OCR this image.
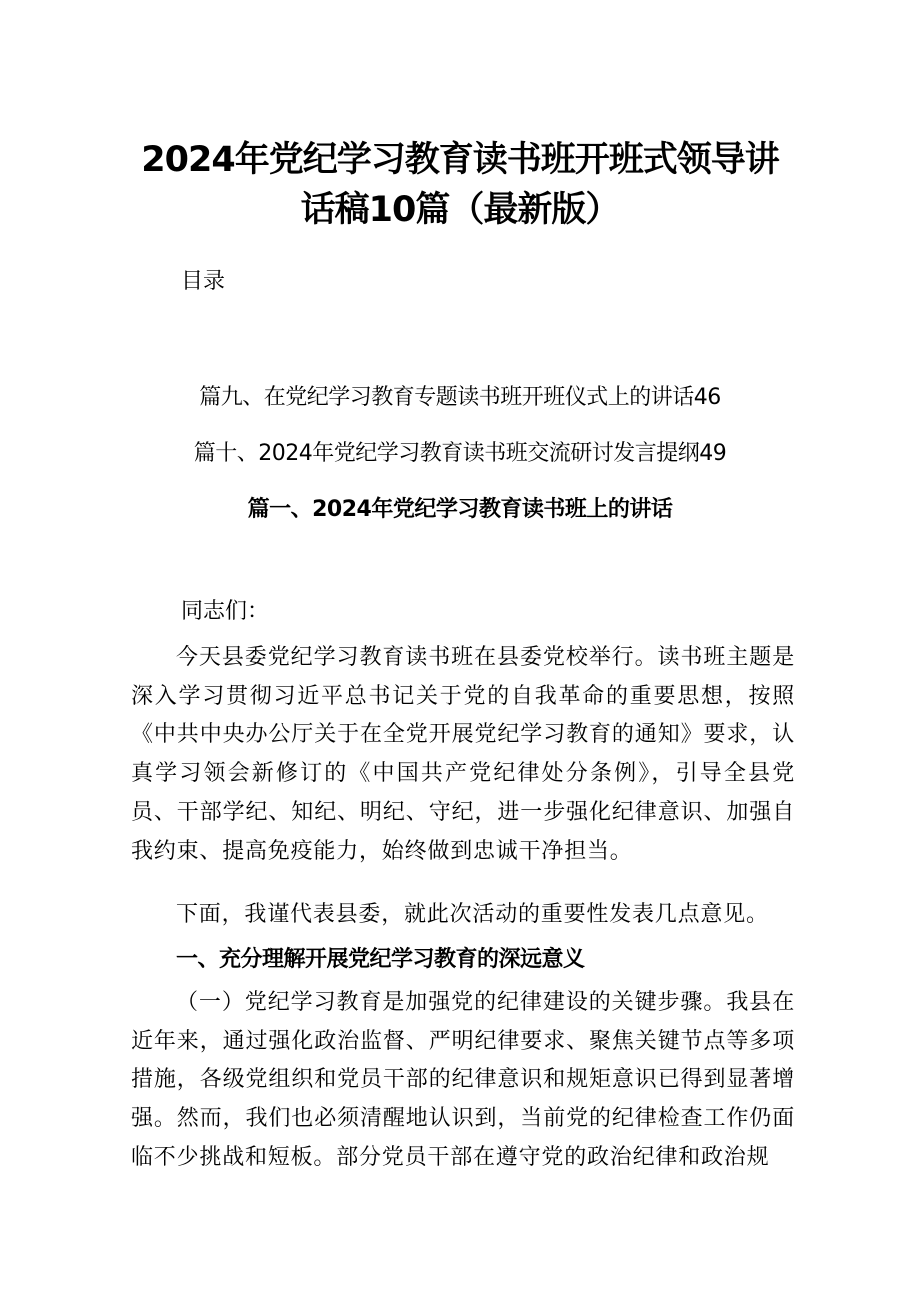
2024年党纪学习教育读书班开班式领导讲
话稿10篇（最新版）
目录
篇九、在党纪学习教育专题读书班开班仪式上的讲话46
篇十、2024年党纪学习教育读书班交流研讨发言提纲49
篇一、2024年党纪学习教育读书班上的讲话
同志们：

今天县委党纪学习教育读书班在县委党校举行。读书班主题是深入学习贯彻习近平总书记关于党的自我革命的重要思想，按照《中共中央办公厅关于在全党开展党纪学习教育的通知》要求，认真学习领会新修订的《中国共产党纪律处分条例》，引导全县党员、干部学纪、知纪、明纪、守纪，进一步强化纪律意识、加强自我约束、提高免疫能力，始终做到忠诚干净担当。

下面，我谨代表县委，就此次活动的重要性发表几点意见。

一、充分理解开展党纪学习教育的深远意义

（一）党纪学习教育是加强党的纪律建设的关键步骤。我县在近年来，通过强化政治监督、严明纪律要求、聚焦关键节点等多项措施，各级党组织和党员干部的纪律意识和规矩意识已得到显著增强。然而，我们也必须清醒地认识到，当前党的纪律检查工作仍面临不少挑战和短板。部分党员干部在遵守党的政治纪律和政治规
